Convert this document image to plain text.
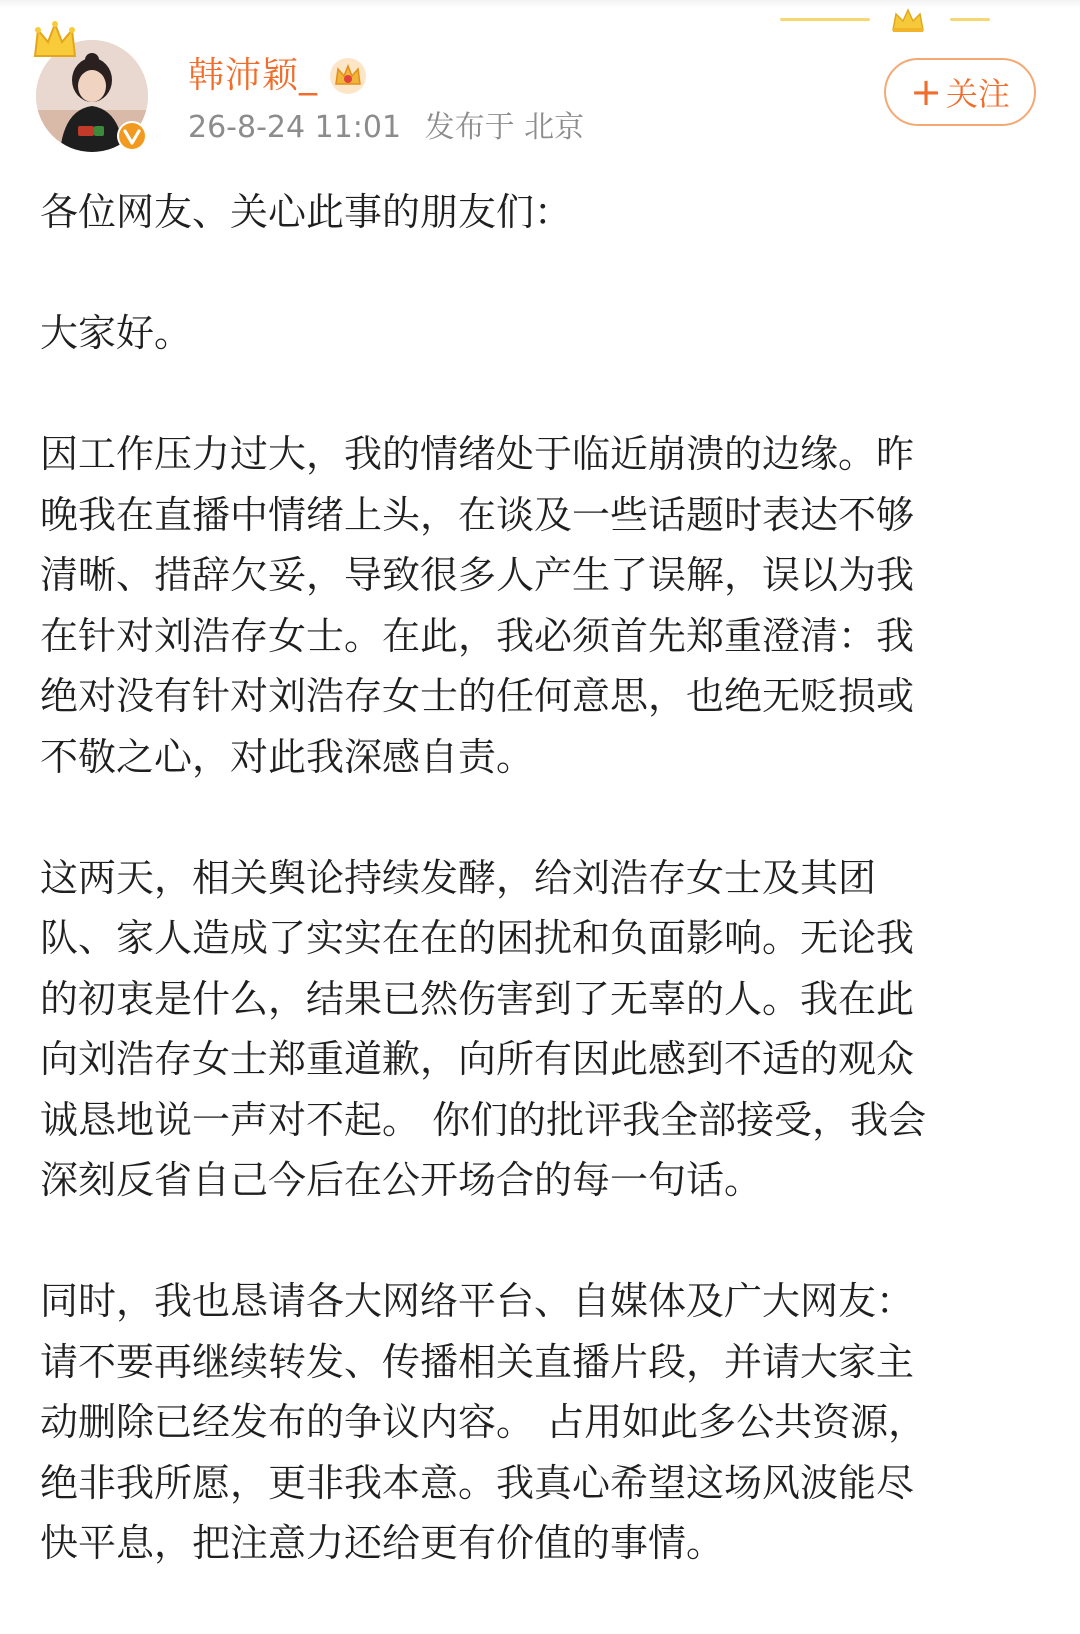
韩沛颖_
26-8-24 11:01 发布于 北京
+ 关注
各位网友、关心此事的朋友们：
大家好。
因工作压力过大，我的情绪处于临近崩溃的边缘。昨
晚我在直播中情绪上头，在谈及一些话题时表达不够
清晰、措辞欠妥，导致很多人产生了误解，误以为我
在针对刘浩存女士。在此，我必须首先郑重澄清：我
绝对没有针对刘浩存女士的任何意思，也绝无贬损或
不敬之心，对此我深感自责。
这两天，相关舆论持续发酵，给刘浩存女士及其团
队、家人造成了实实在在的困扰和负面影响。无论我
的初衷是什么，结果已然伤害到了无辜的人。我在此
向刘浩存女士郑重道歉，向所有因此感到不适的观众
诚恳地说一声对不起。 你们的批评我全部接受，我会
深刻反省自己今后在公开场合的每一句话。
同时，我也恳请各大网络平台、自媒体及广大网友：
请不要再继续转发、传播相关直播片段，并请大家主
动删除已经发布的争议内容。 占用如此多公共资源，
绝非我所愿，更非我本意。我真心希望这场风波能尽
快平息，把注意力还给更有价值的事情。
